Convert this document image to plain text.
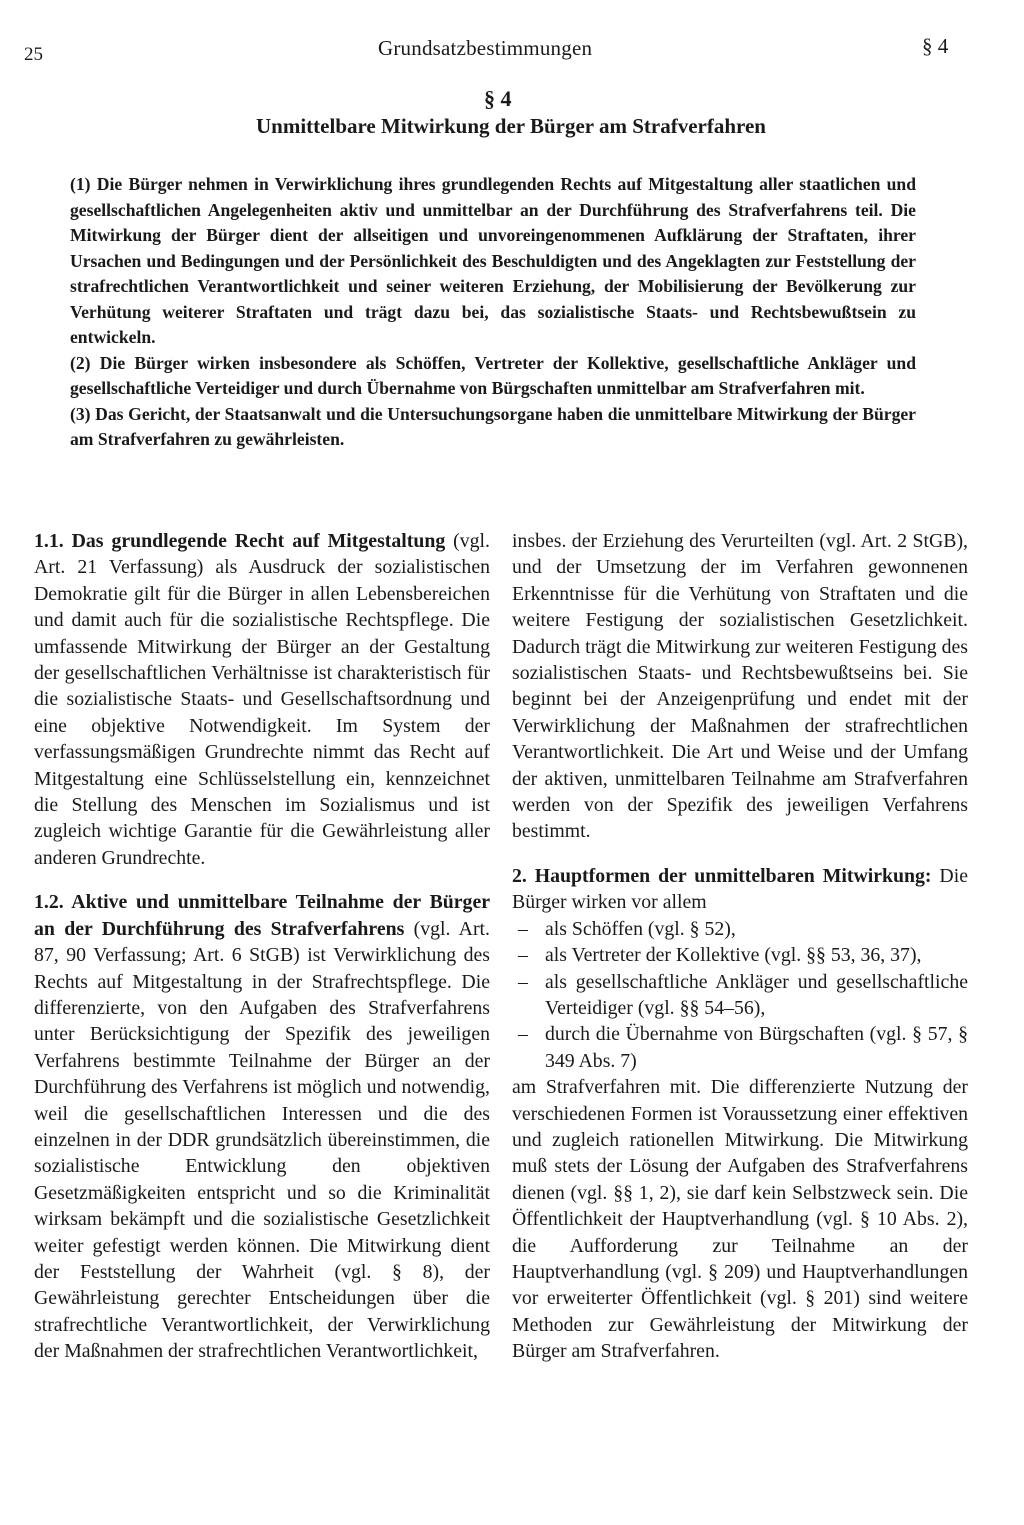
25	Grundsatzbestimmungen	§ 4
§ 4
Unmittelbare Mitwirkung der Bürger am Strafverfahren

(1) Die Bürger nehmen in Verwirklichung ihres grundlegenden Rechts auf Mitgestaltung aller staatlichen und gesellschaftlichen Angelegenheiten aktiv und unmittelbar an der Durchführung des Strafverfahrens teil. Die Mitwirkung der Bürger dient der allseitigen und unvoreingenommenen Aufklärung der Straftaten, ihrer Ursachen und Bedingungen und der Persönlichkeit des Beschuldigten und des Angeklagten zur Feststellung der strafrechtlichen Verantwortlichkeit und seiner weiteren Erziehung, der Mobilisierung der Bevölkerung zur Verhütung weiterer Straftaten und trägt dazu bei, das sozialistische Staats- und Rechtsbewußtsein zu entwickeln.

(2) Die Bürger wirken insbesondere als Schöffen, Vertreter der Kollektive, gesellschaftliche Ankläger und gesellschaftliche Verteidiger und durch Übernahme von Bürgschaften unmittelbar am Strafverfahren mit.

(3) Das Gericht, der Staatsanwalt und die Untersuchungsorgane haben die unmittelbare Mitwirkung der Bürger am Strafverfahren zu gewährleisten.

1.1. Das grundlegende Recht auf Mitgestaltung (vgl. Art. 21 Verfassung) als Ausdruck der sozialistischen Demokratie gilt für die Bürger in allen Lebensbereichen und damit auch für die sozialistische Rechtspflege. Die umfassende Mitwirkung der Bürger an der Gestaltung der gesellschaftlichen Verhältnisse ist charakteristisch für die sozialistische Staats- und Gesellschaftsordnung und eine objektive Notwendigkeit. Im System der verfassungsmäßigen Grundrechte nimmt das Recht auf Mitgestaltung eine Schlüsselstellung ein, kennzeichnet die Stellung des Menschen im Sozialismus und ist zugleich wichtige Garantie für die Gewährleistung aller anderen Grundrechte.

1.2. Aktive und unmittelbare Teilnahme der Bürger an der Durchführung des Strafverfahrens (vgl. Art. 87, 90 Verfassung; Art. 6 StGB) ist Verwirklichung des Rechts auf Mitgestaltung in der Strafrechtspflege. Die differenzierte, von den Aufgaben des Strafverfahrens unter Berücksichtigung der Spezifik des jeweiligen Verfahrens bestimmte Teilnahme der Bürger an der Durchführung des Verfahrens ist möglich und notwendig, weil die gesellschaftlichen Interessen und die des einzelnen in der DDR grundsätzlich übereinstimmen, die sozialistische Entwicklung den objektiven Gesetzmäßigkeiten entspricht und so die Kriminalität wirksam bekämpft und die sozialistische Gesetzlichkeit weiter gefestigt werden können. Die Mitwirkung dient der Feststellung der Wahrheit (vgl. § 8), der Gewährleistung gerechter Entscheidungen über die strafrechtliche Verantwortlichkeit, der Verwirklichung der Maßnahmen der strafrechtlichen Verantwortlichkeit,

insbes. der Erziehung des Verurteilten (vgl. Art. 2 StGB), und der Umsetzung der im Verfahren gewonnenen Erkenntnisse für die Verhütung von Straftaten und die weitere Festigung der sozialistischen Gesetzlichkeit. Dadurch trägt die Mitwirkung zur weiteren Festigung des sozialistischen Staats- und Rechtsbewußtseins bei. Sie beginnt bei der Anzeigenprüfung und endet mit der Verwirklichung der Maßnahmen der strafrechtlichen Verantwortlichkeit. Die Art und Weise und der Umfang der aktiven, unmittelbaren Teilnahme am Strafverfahren werden von der Spezifik des jeweiligen Verfahrens bestimmt.

2. Hauptformen der unmittelbaren Mitwirkung: Die Bürger wirken vor allem

– als Schöffen (vgl. § 52),
– als Vertreter der Kollektive (vgl. §§ 53, 36, 37),
– als gesellschaftliche Ankläger und gesellschaftliche Verteidiger (vgl. §§ 54–56),
– durch die Übernahme von Bürgschaften (vgl. § 57, § 349 Abs. 7)

am Strafverfahren mit. Die differenzierte Nutzung der verschiedenen Formen ist Voraussetzung einer effektiven und zugleich rationellen Mitwirkung. Die Mitwirkung muß stets der Lösung der Aufgaben des Strafverfahrens dienen (vgl. §§ 1, 2), sie darf kein Selbstzweck sein. Die Öffentlichkeit der Hauptverhandlung (vgl. § 10 Abs. 2), die Aufforderung zur Teilnahme an der Hauptverhandlung (vgl. § 209) und Hauptverhandlungen vor erweiterter Öffentlichkeit (vgl. § 201) sind weitere Methoden zur Gewährleistung der Mitwirkung der Bürger am Strafverfahren.
